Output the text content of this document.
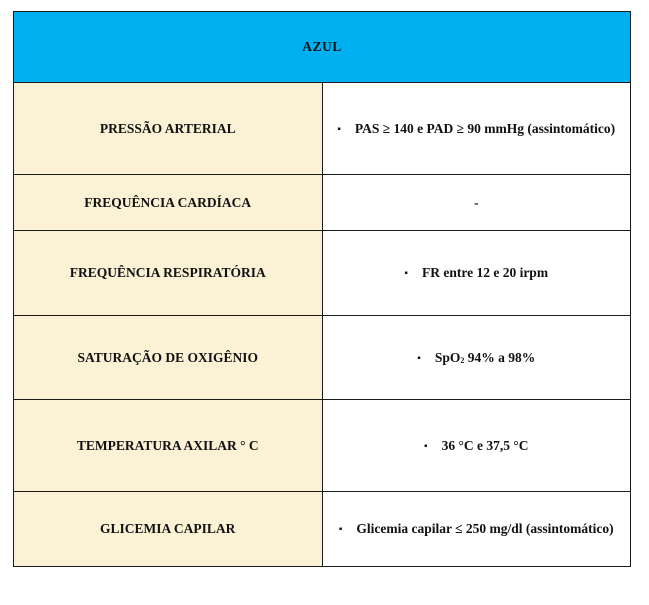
AZUL	
PRESSÃO ARTERIAL	▪ PAS ≥ 140 e PAD ≥ 90 mmHg (assintomático)
FREQUÊNCIA CARDÍACA	-
FREQUÊNCIA RESPIRATÓRIA	▪ FR entre 12 e 20 irpm
SATURAÇÃO DE OXIGÊNIO	▪ SpO$_2$ 94% a 98%
TEMPERATURA AXILAR ° C	▪ 36 °C e 37,5 °C
GLICEMIA CAPILAR	▪ Glicemia capilar ≤ 250 mg/dl (assintomático)
